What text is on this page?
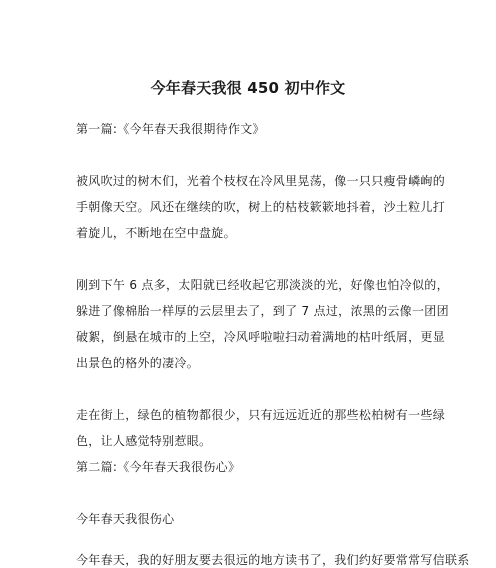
今年春天我很 450 初中作文
第一篇:《今年春天我很期待作文》
被风吹过的树木们，光着个枝杈在冷风里晃荡，像一只只瘦骨嶙峋的
手朝像天空。风还在继续的吹，树上的枯枝簌簌地抖着，沙土粒儿打
着旋儿，不断地在空中盘旋。
刚到下午 6 点多，太阳就已经收起它那淡淡的光，好像也怕冷似的，
躲进了像棉胎一样厚的云层里去了，到了 7 点过，浓黑的云像一团团
破絮，倒悬在城市的上空，冷风呼啦啦扫动着满地的枯叶纸屑，更显
出景色的格外的凄冷。
走在街上，绿色的植物都很少，只有远远近近的那些松柏树有一些绿
色，让人感觉特别惹眼。
第二篇:《今年春天我很伤心》
今年春天我很伤心
今年春天，我的好朋友要去很远的地方读书了，我们约好要常常写信联系
